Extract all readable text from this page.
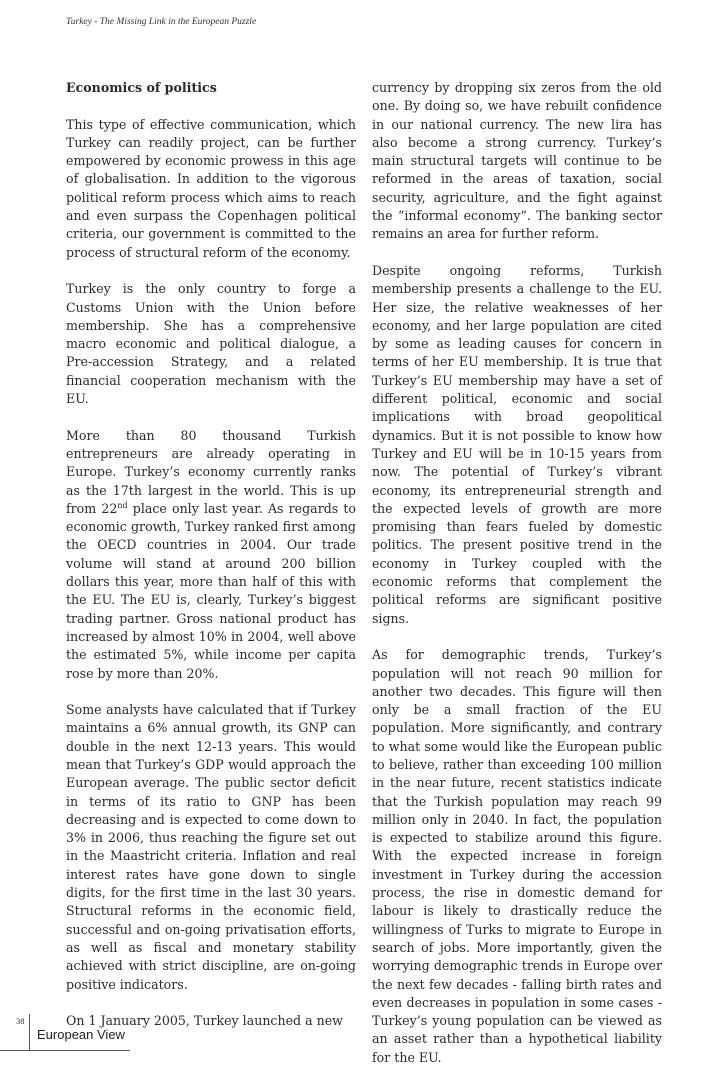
Turkey - The Missing Link in the European Puzzle
Economics of politics

This type of effective communication, which Turkey can readily project, can be further empowered by economic prowess in this age of globalisation. In addition to the vigorous political reform process which aims to reach and even surpass the Copenhagen political criteria, our government is committed to the process of structural reform of the economy.

Turkey is the only country to forge a Customs Union with the Union before membership. She has a comprehensive macro economic and political dialogue, a Pre-accession Strategy, and a related financial cooperation mechanism with the EU.

More than 80 thousand Turkish entrepreneurs are already operating in Europe. Turkey’s economy currently ranks as the 17th largest in the world. This is up from 22nd place only last year. As regards to economic growth, Turkey ranked first among the OECD countries in 2004. Our trade volume will stand at around 200 billion dollars this year, more than half of this with the EU. The EU is, clearly, Turkey’s biggest trading partner. Gross national product has increased by almost 10% in 2004, well above the estimated 5%, while income per capita rose by more than 20%.

Some analysts have calculated that if Turkey maintains a 6% annual growth, its GNP can double in the next 12-13 years. This would mean that Turkey’s GDP would approach the European average. The public sector deficit in terms of its ratio to GNP has been decreasing and is expected to come down to 3% in 2006, thus reaching the figure set out in the Maastricht criteria. Inflation and real interest rates have gone down to single digits, for the first time in the last 30 years. Structural reforms in the economic field, successful and on-going privatisation efforts, as well as fiscal and monetary stability achieved with strict discipline, are on-going positive indicators.

On 1 January 2005, Turkey launched a new

currency by dropping six zeros from the old one. By doing so, we have rebuilt confidence in our national currency. The new lira has also become a strong currency. Turkey’s main structural targets will continue to be reformed in the areas of taxation, social security, agriculture, and the fight against the “informal economy”. The banking sector remains an area for further reform.

Despite ongoing reforms, Turkish membership presents a challenge to the EU. Her size, the relative weaknesses of her economy, and her large population are cited by some as leading causes for concern in terms of her EU membership. It is true that Turkey’s EU membership may have a set of different political, economic and social implications with broad geopolitical dynamics. But it is not possible to know how Turkey and EU will be in 10-15 years from now. The potential of Turkey’s vibrant economy, its entrepreneurial strength and the expected levels of growth are more promising than fears fueled by domestic politics. The present positive trend in the economy in Turkey coupled with the economic reforms that complement the political reforms are significant positive signs.

As for demographic trends, Turkey’s population will not reach 90 million for another two decades. This figure will then only be a small fraction of the EU population. More significantly, and contrary to what some would like the European public to believe, rather than exceeding 100 million in the near future, recent statistics indicate that the Turkish population may reach 99 million only in 2040. In fact, the population is expected to stabilize around this figure. With the expected increase in foreign investment in Turkey during the accession process, the rise in domestic demand for labour is likely to drastically reduce the willingness of Turks to migrate to Europe in search of jobs. More importantly, given the worrying demographic trends in Europe over the next few decades - falling birth rates and even decreases in population in some cases - Turkey’s young population can be viewed as an asset rather than a hypothetical liability for the EU.

38
European View
